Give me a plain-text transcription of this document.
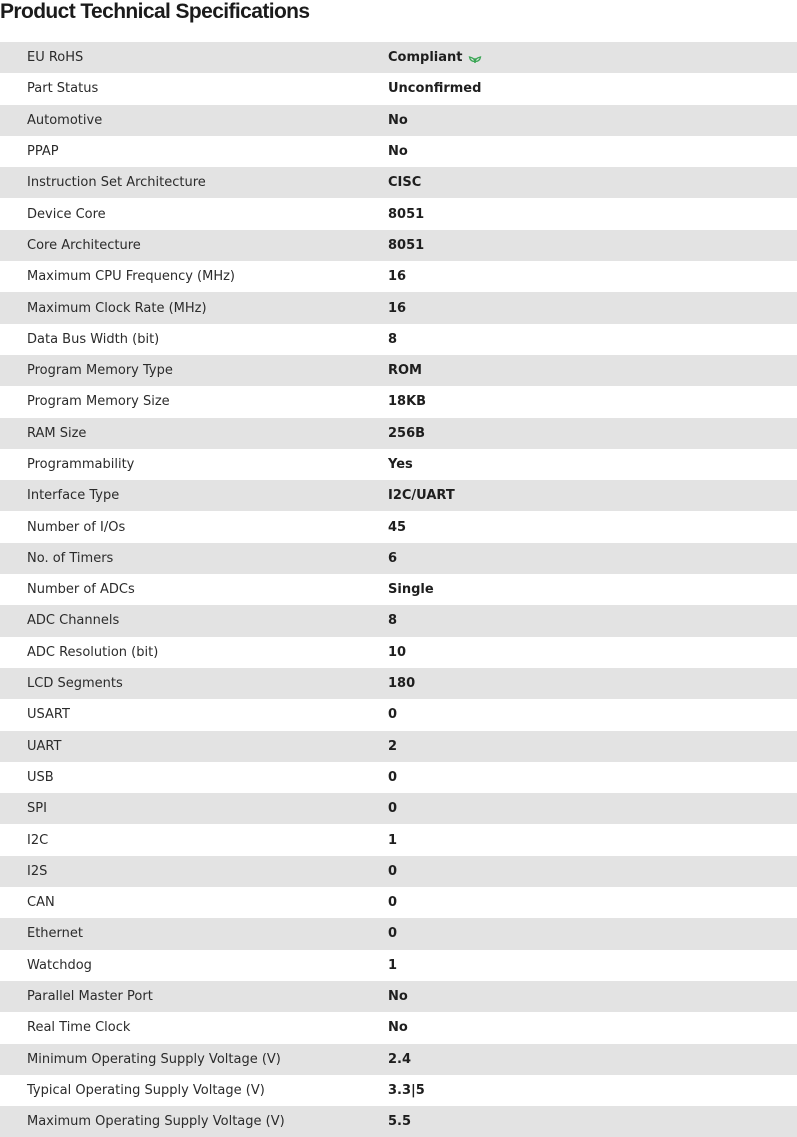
Product Technical Specifications
EU RoHS	Compliant
Part Status	Unconfirmed
Automotive	No
PPAP	No
Instruction Set Architecture	CISC
Device Core	8051
Core Architecture	8051
Maximum CPU Frequency (MHz)	16
Maximum Clock Rate (MHz)	16
Data Bus Width (bit)	8
Program Memory Type	ROM
Program Memory Size	18KB
RAM Size	256B
Programmability	Yes
Interface Type	I2C/UART
Number of I/Os	45
No. of Timers	6
Number of ADCs	Single
ADC Channels	8
ADC Resolution (bit)	10
LCD Segments	180
USART	0
UART	2
USB	0
SPI	0
I2C	1
I2S	0
CAN	0
Ethernet	0
Watchdog	1
Parallel Master Port	No
Real Time Clock	No
Minimum Operating Supply Voltage (V)	2.4
Typical Operating Supply Voltage (V)	3.3|5
Maximum Operating Supply Voltage (V)	5.5
